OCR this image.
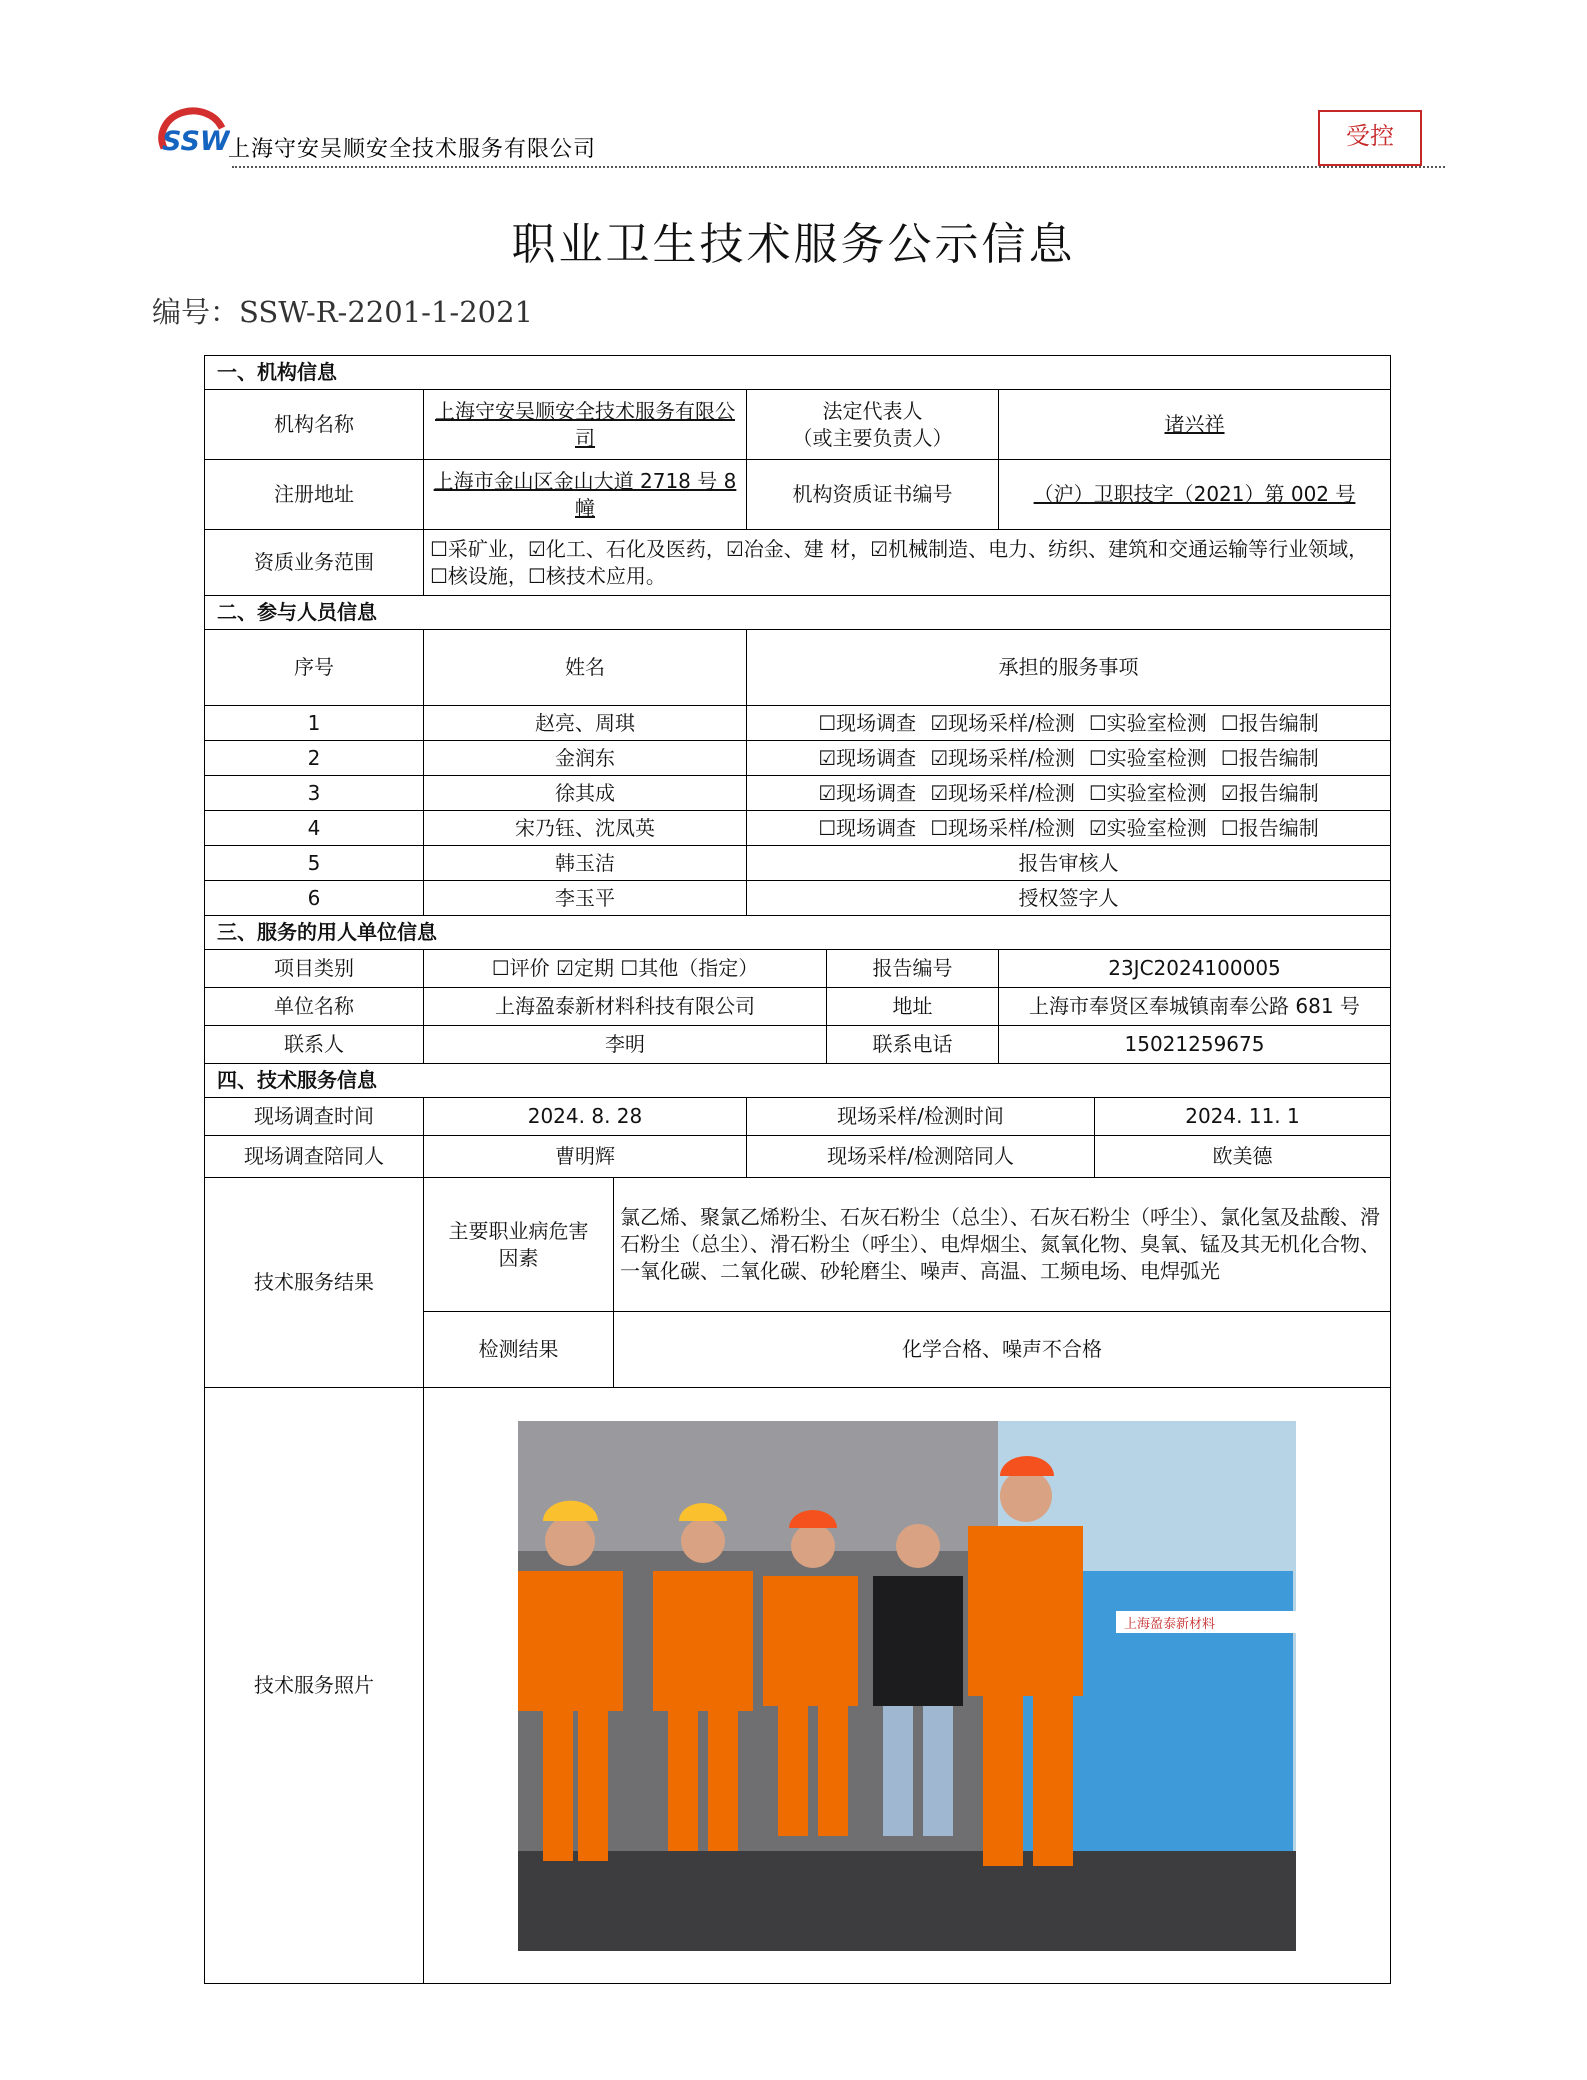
SSW
上海守安吴顺安全技术服务有限公司	受控
职业卫生技术服务公示信息
编号：SSW-R-2201-1-2021
一、机构信息						
机构名称	上海守安吴顺安全技术服务有限公司		法定代表人
（或主要负责人）		诸兴祥	
注册地址	上海市金山区金山大道 2718 号 8 幢		机构资质证书编号		（沪）卫职技字（2021）第 002 号	
资质业务范围	☐采矿业，☑化工、石化及医药，☑冶金、建 材，☑机械制造、电力、纺织、建筑和交通运输等行业领域，☐核设施，☐核技术应用。					
二、参与人员信息						
序号	姓名		承担的服务事项			
1	赵亮、周琪		☐现场调查 ☑现场采样/检测 ☐实验室检测 ☐报告编制			
2	金润东		☑现场调查 ☑现场采样/检测 ☐实验室检测 ☐报告编制			
3	徐其成		☑现场调查 ☑现场采样/检测 ☐实验室检测 ☑报告编制			
4	宋乃钰、沈凤英		☐现场调查 ☐现场采样/检测 ☑实验室检测 ☐报告编制			
5	韩玉洁		报告审核人			
6	李玉平		授权签字人			
三、服务的用人单位信息						
项目类别	☐评价 ☑定期 ☐其他（指定）			报告编号	23JC2024100005	
单位名称	上海盈泰新材料科技有限公司			地址	上海市奉贤区奉城镇南奉公路 681 号	
联系人	李明			联系电话	15021259675	
四、技术服务信息						
现场调查时间	2024. 8. 28		现场采样/检测时间			2024. 11. 1
现场调查陪同人	曹明辉		现场采样/检测陪同人			欧美德
技术服务结果	主要职业病危害因素	氯乙烯、聚氯乙烯粉尘、石灰石粉尘（总尘）、石灰石粉尘（呼尘）、氯化氢及盐酸、滑石粉尘（总尘）、滑石粉尘（呼尘）、电焊烟尘、氮氧化物、臭氧、锰及其无机化合物、一氧化碳、二氧化碳、砂轮磨尘、噪声、高温、工频电场、电焊弧光				
	检测结果	化学合格、噪声不合格				
技术服务照片	上海盈泰新材料					
